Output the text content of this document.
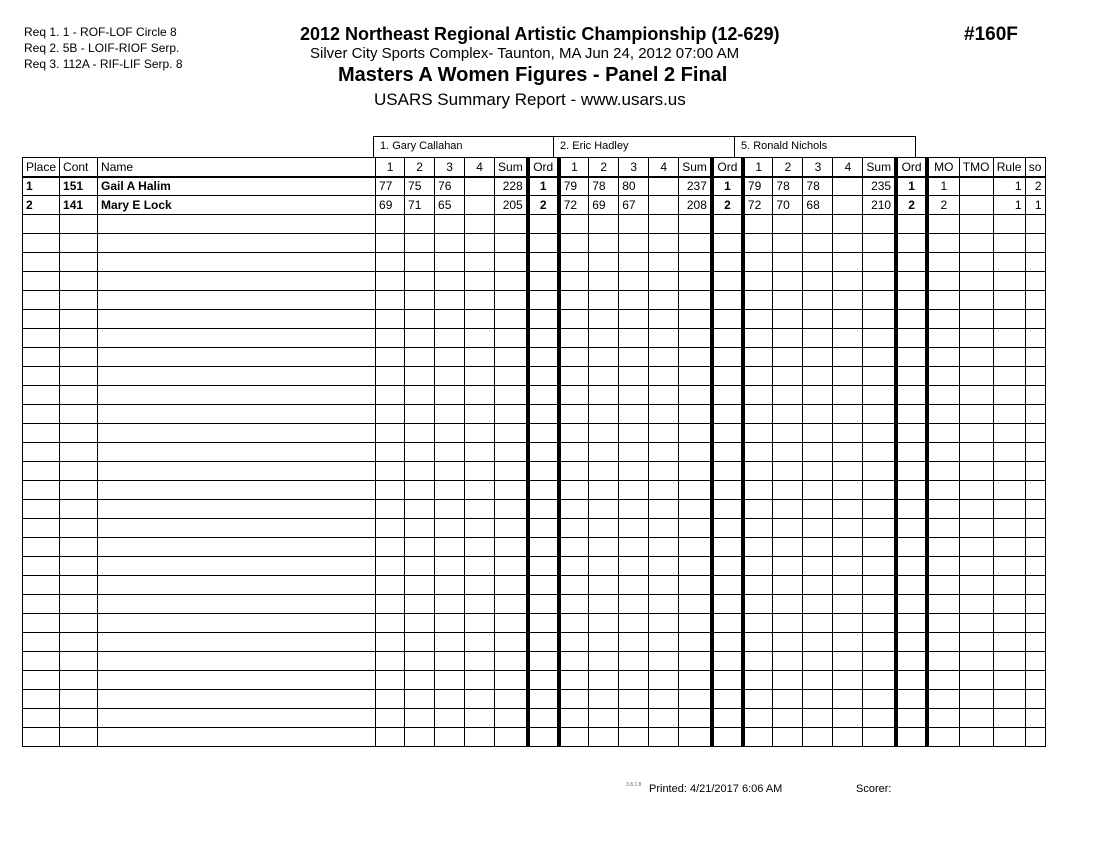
Req 1. 1 - ROF-LOF Circle 8
Req 2. 5B - LOIF-RIOF Serp.
Req 3. 112A - RIF-LIF Serp. 8
2012 Northeast Regional Artistic Championship (12-629)
Silver City Sports Complex- Taunton, MA Jun 24, 2012 07:00 AM
Masters A Women Figures - Panel 2 Final
USARS Summary Report - www.usars.us
#160F
1. Gary Callahan	2. Eric Hadley	5. Ronald Nichols
Place	Cont	Name	1	2	3	4	Sum	Ord	1	2	3	4	Sum	Ord	1	2	3	4	Sum	Ord	MO	TMO	Rule	so
1	151	Gail A Halim	77	75	76		228	1	79	78	80		237	1	79	78	78		235	1	1		1	2
2	141	Mary E Lock	69	71	65		205	2	72	69	67		208	2	72	70	68		210	2	2		1	1

3.8.1.8 Printed: 4/21/2017 6:06 AM	Scorer:
